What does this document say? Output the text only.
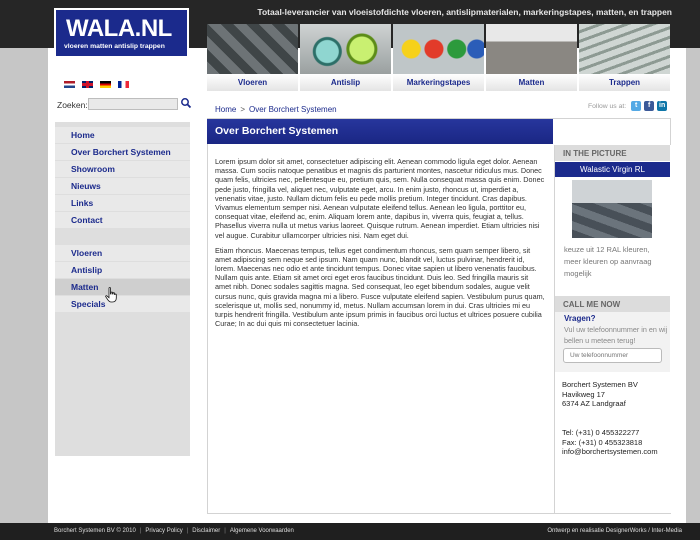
Totaal-leverancier van vloeistofdichte vloeren, antislipmaterialen, markeringstapes, matten, en trappen
WALA.NL
vloeren matten antislip trappen
Vloeren	Antislip	Markeringstapes	Matten	Trappen
Zoeken:	Home > Over Borchert Systemen	Follow us at:	t	f	in
Home
Over Borchert Systemen
Showroom
Nieuws
Links
Contact
Vloeren
Antislip
Matten
Specials
Over Borchert Systemen

Lorem ipsum dolor sit amet, consectetuer adipiscing elit. Aenean commodo ligula eget dolor. Aenean massa. Cum sociis natoque penatibus et magnis dis parturient montes, nascetur ridiculus mus. Donec quam felis, ultricies nec, pellentesque eu, pretium quis, sem. Nulla consequat massa quis enim. Donec pede justo, fringilla vel, aliquet nec, vulputate eget, arcu. In enim justo, rhoncus ut, imperdiet a, venenatis vitae, justo. Nullam dictum felis eu pede mollis pretium. Integer tincidunt. Cras dapibus. Vivamus elementum semper nisi. Aenean vulputate eleifend tellus. Aenean leo ligula, porttitor eu, consequat vitae, eleifend ac, enim. Aliquam lorem ante, dapibus in, viverra quis, feugiat a, tellus. Phasellus viverra nulla ut metus varius laoreet. Quisque rutrum. Aenean imperdiet. Etiam ultricies nisi vel augue. Curabitur ullamcorper ultricies nisi. Nam eget dui.

Etiam rhoncus. Maecenas tempus, tellus eget condimentum rhoncus, sem quam semper libero, sit amet adipiscing sem neque sed ipsum. Nam quam nunc, blandit vel, luctus pulvinar, hendrerit id, lorem. Maecenas nec odio et ante tincidunt tempus. Donec vitae sapien ut libero venenatis faucibus. Nullam quis ante. Etiam sit amet orci eget eros faucibus tincidunt. Duis leo. Sed fringilla mauris sit amet nibh. Donec sodales sagittis magna. Sed consequat, leo eget bibendum sodales, augue velit cursus nunc, quis gravida magna mi a libero. Fusce vulputate eleifend sapien. Vestibulum purus quam, scelerisque ut, mollis sed, nonummy id, metus. Nullam accumsan lorem in dui. Cras ultricies mi eu turpis hendrerit fringilla. Vestibulum ante ipsum primis in faucibus orci luctus et ultrices posuere cubilia Curae; In ac dui quis mi consectetuer lacinia.

IN THE PICTURE
Walastic Virgin RL
keuze uit 12 RAL kleuren, meer kleuren op aanvraag mogelijk
CALL ME NOW
Vragen?
Vul uw telefoonnummer in en wij bellen u meteen terug!
Uw telefoonnummer
Borchert Systemen BV
Havikweg 17
6374 AZ Landgraaf
Tel: (+31) 0 455322277
Fax: (+31) 0 455323818
info@borchertsystemen.com
Borchert Systemen BV © 2010 | Privacy Policy | Disclaimer | Algemene Voorwaarden	Ontwerp en realisatie DesignerWorks / Inter-Media
